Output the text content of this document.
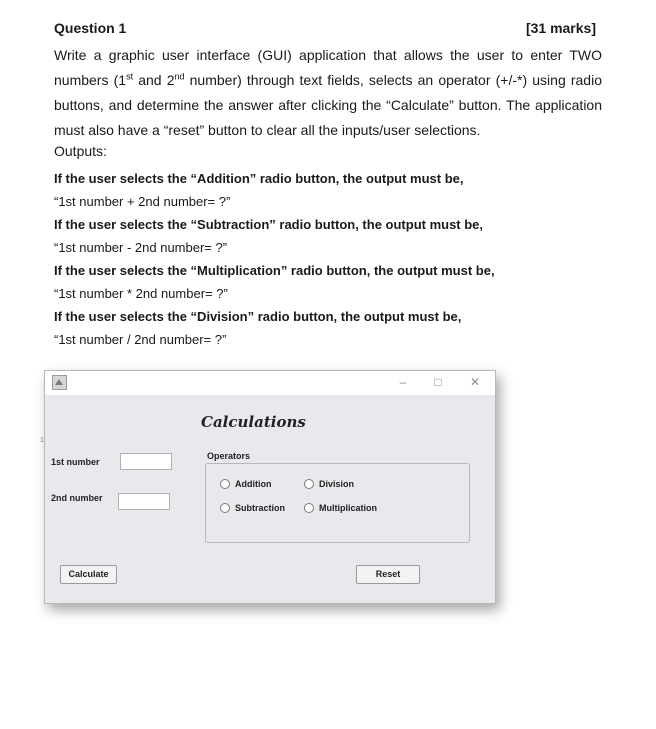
Question 1	[31 marks]
Write a graphic user interface (GUI) application that allows the user to enter TWO numbers (1st and 2nd number) through text fields, selects an operator (+/-*) using radio buttons, and determine the answer after clicking the “Calculate” button. The application must also have a “reset” button to clear all the inputs/user selections.
Outputs:
If the user selects the “Addition” radio button, the output must be,
“1st number + 2nd number= ?”
If the user selects the “Subtraction” radio button, the output must be,
“1st number - 2nd number= ?”
If the user selects the “Multiplication” radio button, the output must be,
“1st number * 2nd number= ?”
If the user selects the “Division” radio button, the output must be,
“1st number / 2nd number= ?”
1
–	□	✕
Calculations
1st number
2nd number
Operators
Addition	Division
Subtraction	Multiplication
Calculate	Reset
